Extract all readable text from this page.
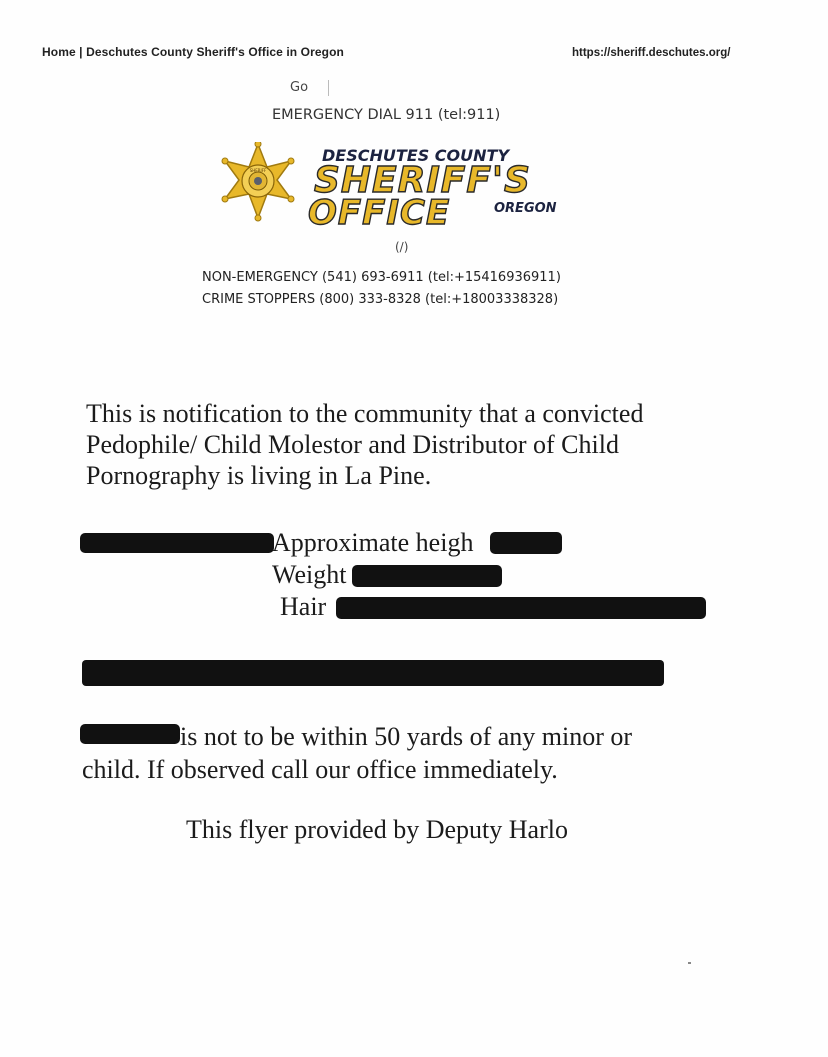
Home | Deschutes County Sheriff's Office in Oregon	https://sheriff.deschutes.org/
Go
EMERGENCY DIAL 911 (tel:911)
SHERIFF
DESCHUTES COUNTY
SHERIFF'S
OFFICE	OREGON
(/)
NON-EMERGENCY (541) 693-6911 (tel:+15416936911)
CRIME STOPPERS (800) 333-8328 (tel:+18003338328)
This is notification to the community that a convicted
Pedophile/ Child Molestor and Distributor of Child
Pornography is living in La Pine.
Approximate heigh
Weight
Hair
is not to be within 50 yards of any minor or
child. If observed call our office immediately.
This flyer provided by Deputy Harlo
